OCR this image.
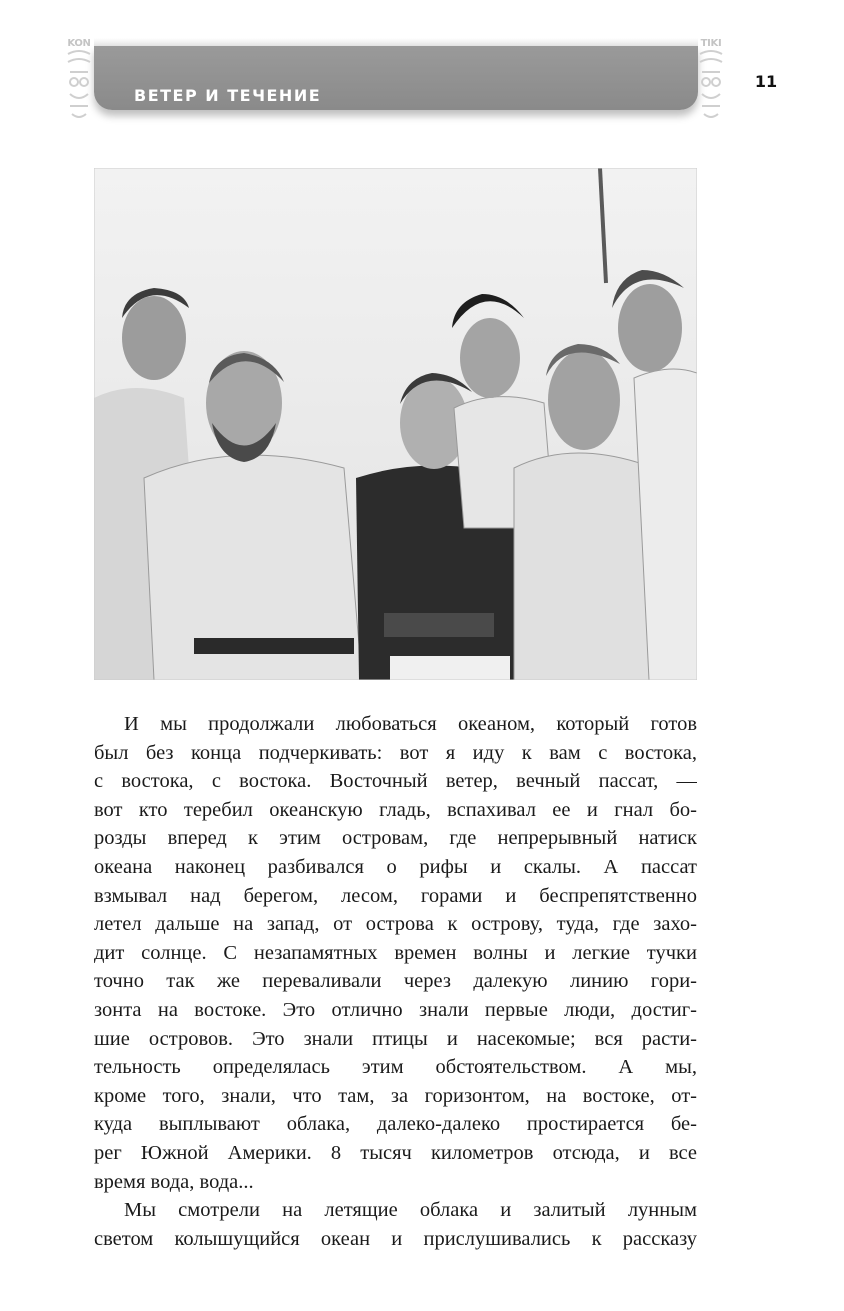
ВЕТЕР И ТЕЧЕНИЕ
KON	TIKI
11
И мы продолжали любоваться океаном, который готов
был без конца подчеркивать: вот я иду к вам с востока,
с востока, с востока. Восточный ветер, вечный пассат, —
вот кто теребил океанскую гладь, вспахивал ее и гнал бо-
розды вперед к этим островам, где непрерывный натиск
океана наконец разбивался о рифы и скалы. А пассат
взмывал над берегом, лесом, горами и беспрепятственно
летел дальше на запад, от острова к острову, туда, где захо-
дит солнце. С незапамятных времен волны и легкие тучки
точно так же переваливали через далекую линию гори-
зонта на востоке. Это отлично знали первые люди, достиг-
шие островов. Это знали птицы и насекомые; вся расти-
тельность определялась этим обстоятельством. А мы,
кроме того, знали, что там, за горизонтом, на востоке, от-
куда выплывают облака, далеко-далеко простирается бе-
рег Южной Америки. 8 тысяч километров отсюда, и все
время вода, вода...
Мы смотрели на летящие облака и залитый лунным
светом колышущийся океан и прислушивались к рассказу
